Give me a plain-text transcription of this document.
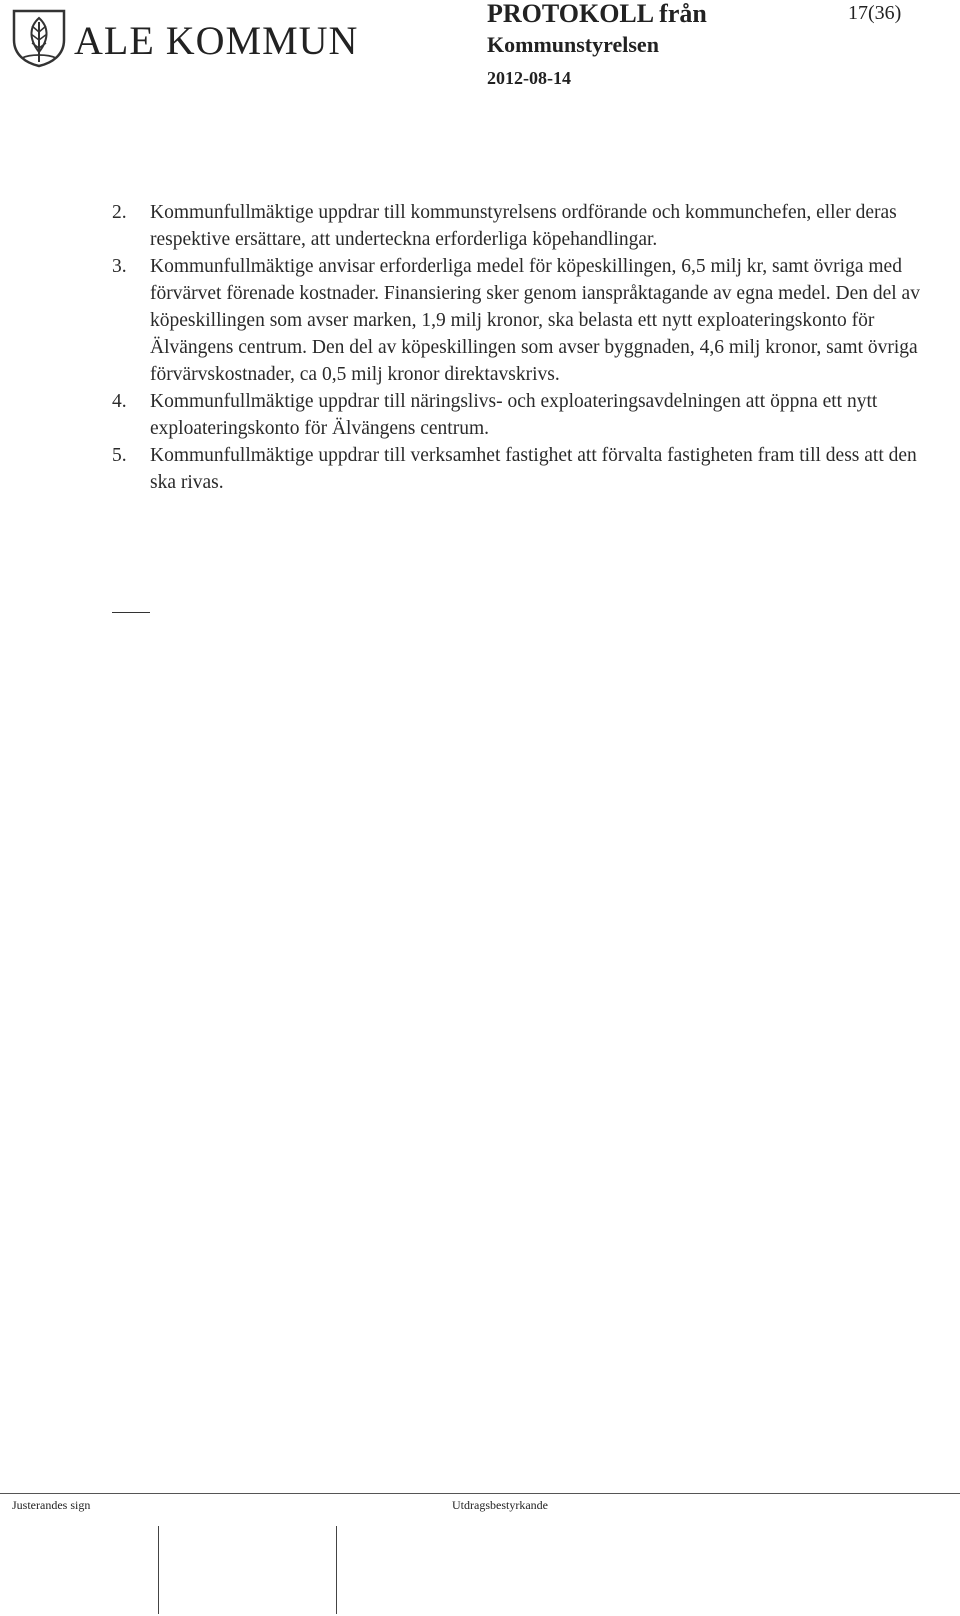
ALE KOMMUN
PROTOKOLL från
Kommunstyrelsen
2012-08-14
17(36)
2. Kommunfullmäktige uppdrar till kommunstyrelsens ordförande och kommunchefen, eller deras respektive ersättare, att underteckna erforderliga köpehandlingar.
3. Kommunfullmäktige anvisar erforderliga medel för köpeskillingen, 6,5 milj kr, samt övriga med förvärvet förenade kostnader. Finansiering sker genom ianspråktagande av egna medel. Den del av köpeskillingen som avser marken, 1,9 milj kronor, ska belasta ett nytt exploateringskonto för Älvängens centrum. Den del av köpeskillingen som avser byggnaden, 4,6 milj kronor, samt övriga förvärvskostnader, ca 0,5 milj kronor direktavskrivs.
4. Kommunfullmäktige uppdrar till näringslivs- och exploateringsavdelningen att öppna ett nytt exploateringskonto för Älvängens centrum.
5. Kommunfullmäktige uppdrar till verksamhet fastighet att förvalta fastigheten fram till dess att den ska rivas.
Justerandes sign	Utdragsbestyrkande
